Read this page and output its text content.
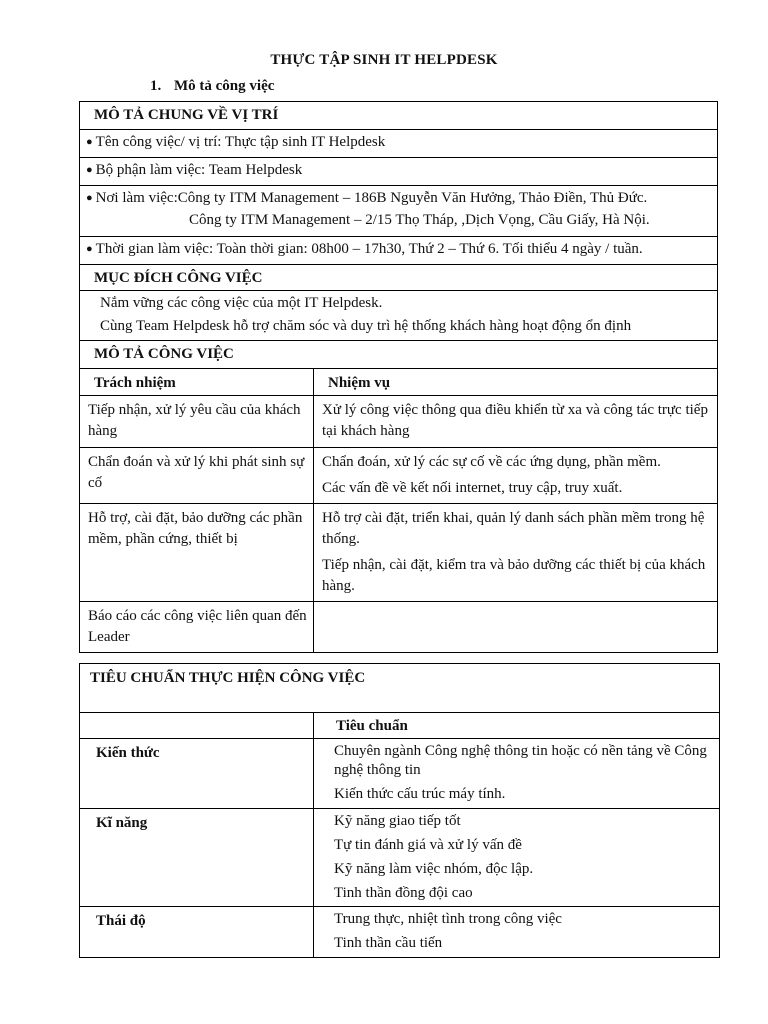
THỰC TẬP SINH IT HELPDESK
1. Mô tả công việc
MÔ TẢ CHUNG VỀ VỊ TRÍ	
● Tên công việc/ vị trí: Thực tập sinh IT Helpdesk	
● Bộ phận làm việc: Team Helpdesk	

● Nơi làm việc:Công ty ITM Management – 186B Nguyễn Văn Hưởng, Thảo Điền, Thủ Đức.
Công ty ITM Management – 2/15 Thọ Tháp, ,Dịch Vọng, Cầu Giấy, Hà Nội.	

● Thời gian làm việc: Toàn thời gian: 08h00 – 17h30, Thứ 2 – Thứ 6. Tối thiểu 4 ngày / tuần.	
MỤC ĐÍCH CÔNG VIỆC	

Nắm vững các công việc của một IT Helpdesk.
Cùng Team Helpdesk hỗ trợ chăm sóc và duy trì hệ thống khách hàng hoạt động ổn định	

MÔ TẢ CÔNG VIỆC	
Trách nhiệm	Nhiệm vụ
Tiếp nhận, xử lý yêu cầu của khách hàng	Xử lý công việc thông qua điều khiển từ xa và công tác trực tiếp tại khách hàng

Chẩn đoán và xử lý khi phát sinh sự cố	Chẩn đoán, xử lý các sự cố về các ứng dụng, phần mềm.
Các vấn đề về kết nối internet, truy cập, truy xuất.

Hỗ trợ, cài đặt, bảo dưỡng các phần mềm, phần cứng, thiết bị	Hỗ trợ cài đặt, triển khai, quản lý danh sách phần mềm trong hệ thống.
Tiếp nhận, cài đặt, kiểm tra và bảo dưỡng các thiết bị của khách hàng.

Báo cáo các công việc liên quan đến Leader	
TIÊU CHUẨN THỰC HIỆN CÔNG VIỆC	
	Tiêu chuẩn
Kiến thức	Chuyên ngành Công nghệ thông tin hoặc có nền tảng về Công nghệ thông tin
Kiến thức cấu trúc máy tính.

Kĩ năng	Kỹ năng giao tiếp tốt
Tự tin đánh giá và xử lý vấn đề
Kỹ năng làm việc nhóm, độc lập.
Tinh thần đồng đội cao

Thái độ	Trung thực, nhiệt tình trong công việc
Tinh thần cầu tiến
